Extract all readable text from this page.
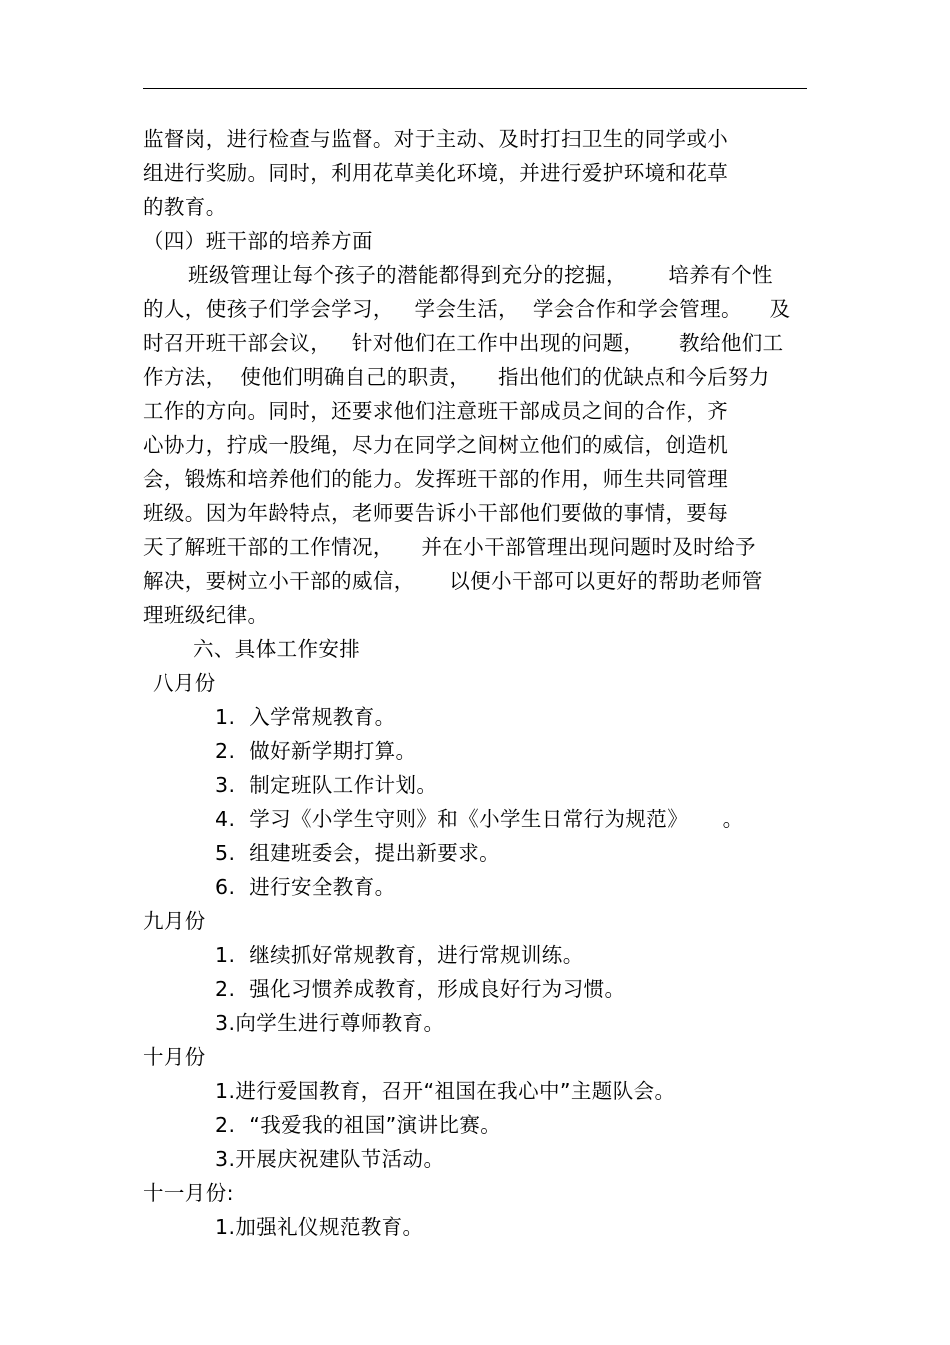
监督岗，进行检查与监督。对于主动、及时打扫卫生的同学或小
组进行奖励。同时，利用花草美化环境，并进行爱护环境和花草
的教育。
（四）班干部的培养方面
班级管理让每个孩子的潜能都得到充分的挖掘，      培养有个性
的人，使孩子们学会学习，   学会生活，  学会合作和学会管理。    及
时召开班干部会议，   针对他们在工作中出现的问题，     教给他们工
作方法，  使他们明确自己的职责，    指出他们的优缺点和今后努力
工作的方向。同时，还要求他们注意班干部成员之间的合作，齐
心协力，拧成一股绳，尽力在同学之间树立他们的威信，创造机
会，锻炼和培养他们的能力。发挥班干部的作用，师生共同管理
班级。因为年龄特点，老师要告诉小干部他们要做的事情，要每
天了解班干部的工作情况，    并在小干部管理出现问题时及时给予
解决，要树立小干部的威信，     以便小干部可以更好的帮助老师管
理班级纪律。
六、具体工作安排
八月份
1.  入学常规教育。
2.  做好新学期打算。
3.  制定班队工作计划。
4.  学习《小学生守则》和《小学生日常行为规范》     。
5.  组建班委会，提出新要求。
6.  进行安全教育。
九月份
1.  继续抓好常规教育，进行常规训练。
2.  强化习惯养成教育，形成良好行为习惯。
3.向学生进行尊师教育。
十月份
1.进行爱国教育，召开“祖国在我心中”主题队会。
2.  “我爱我的祖国”演讲比赛。
3.开展庆祝建队节活动。
十一月份:
1.加强礼仪规范教育。
